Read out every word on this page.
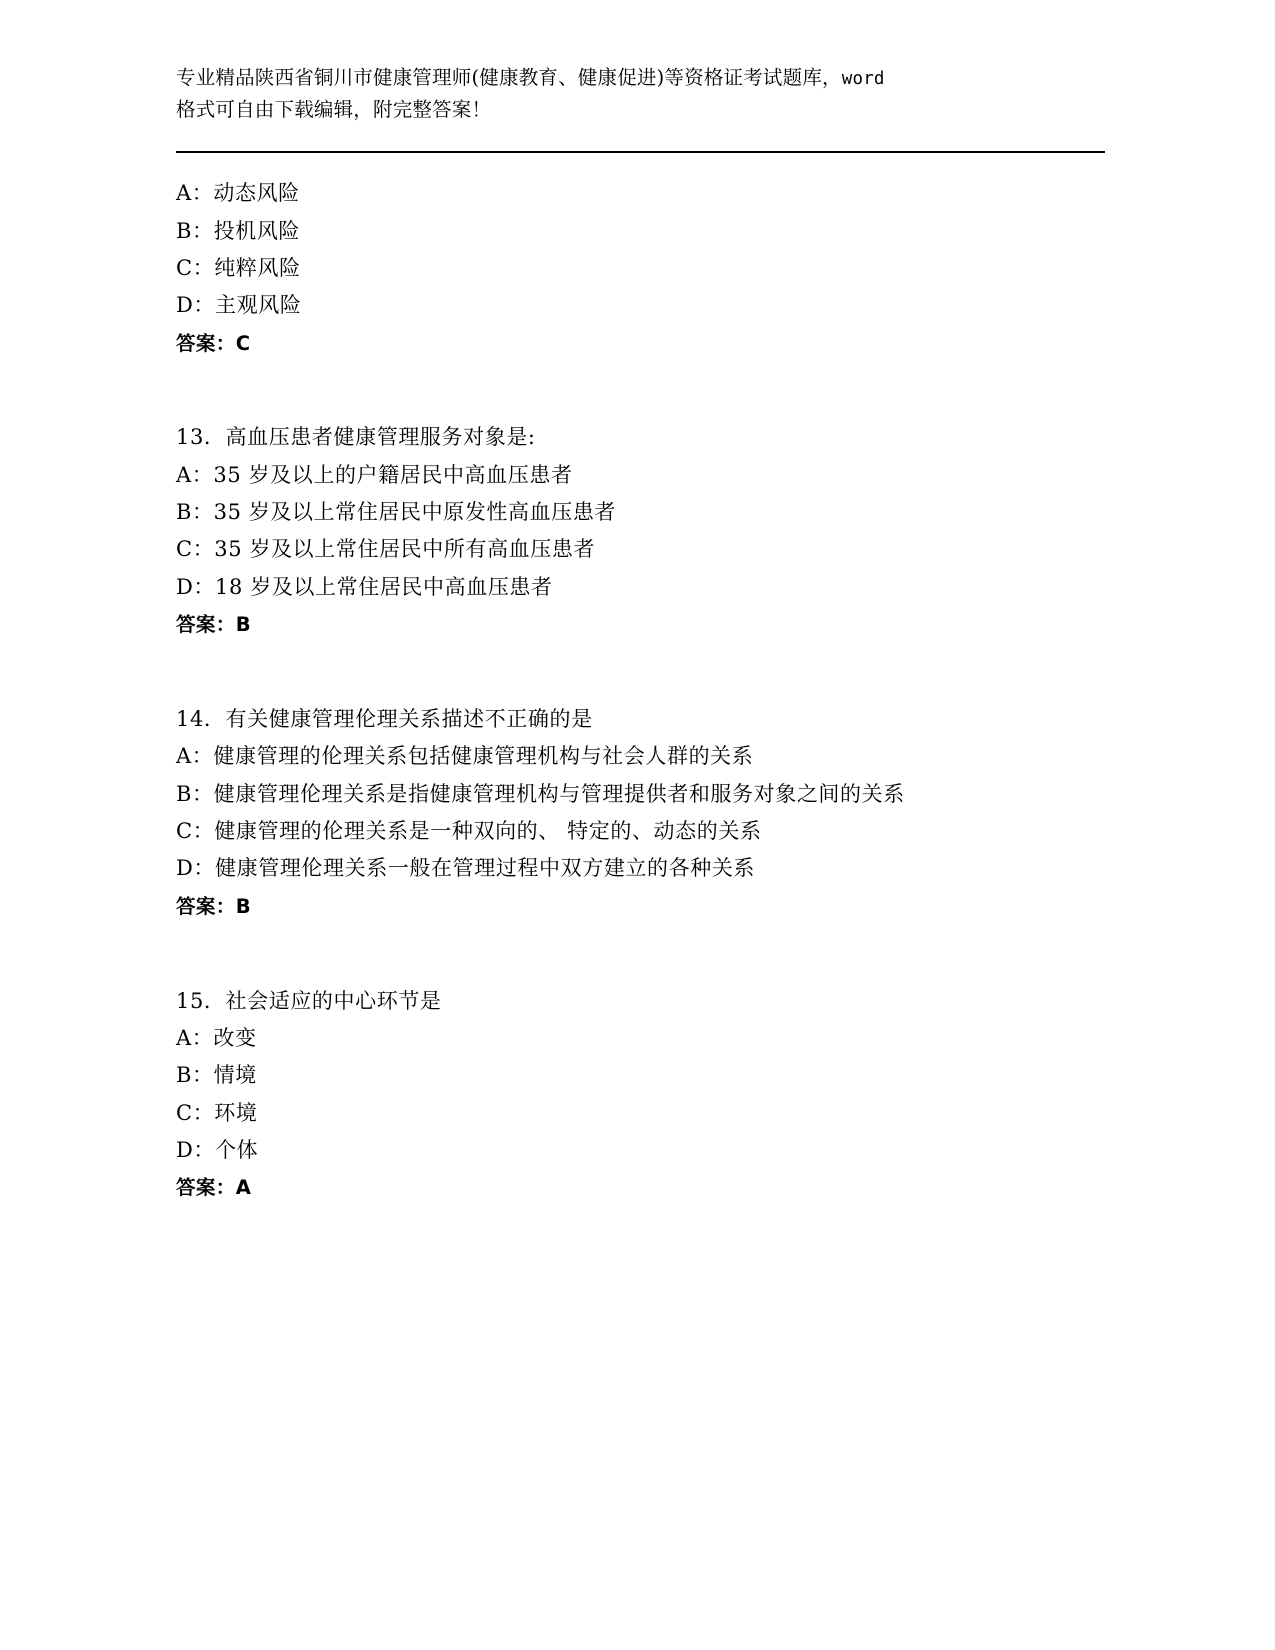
专业精品陕西省铜川市健康管理师(健康教育、健康促进)等资格证考试题库，word
格式可自由下载编辑，附完整答案！

A：动态风险

B：投机风险

C：纯粹风险

D：主观风险

答案：C

13．高血压患者健康管理服务对象是:

A：35 岁及以上的户籍居民中高血压患者

B：35 岁及以上常住居民中原发性高血压患者

C：35 岁及以上常住居民中所有高血压患者

D：18 岁及以上常住居民中高血压患者

答案：B

14．有关健康管理伦理关系描述不正确的是

A：健康管理的伦理关系包括健康管理机构与社会人群的关系

B：健康管理伦理关系是指健康管理机构与管理提供者和服务对象之间的关系

C：健康管理的伦理关系是一种双向的、 特定的、动态的关系

D：健康管理伦理关系一般在管理过程中双方建立的各种关系

答案：B

15．社会适应的中心环节是

A：改变

B：情境

C：环境

D：个体

答案：A
